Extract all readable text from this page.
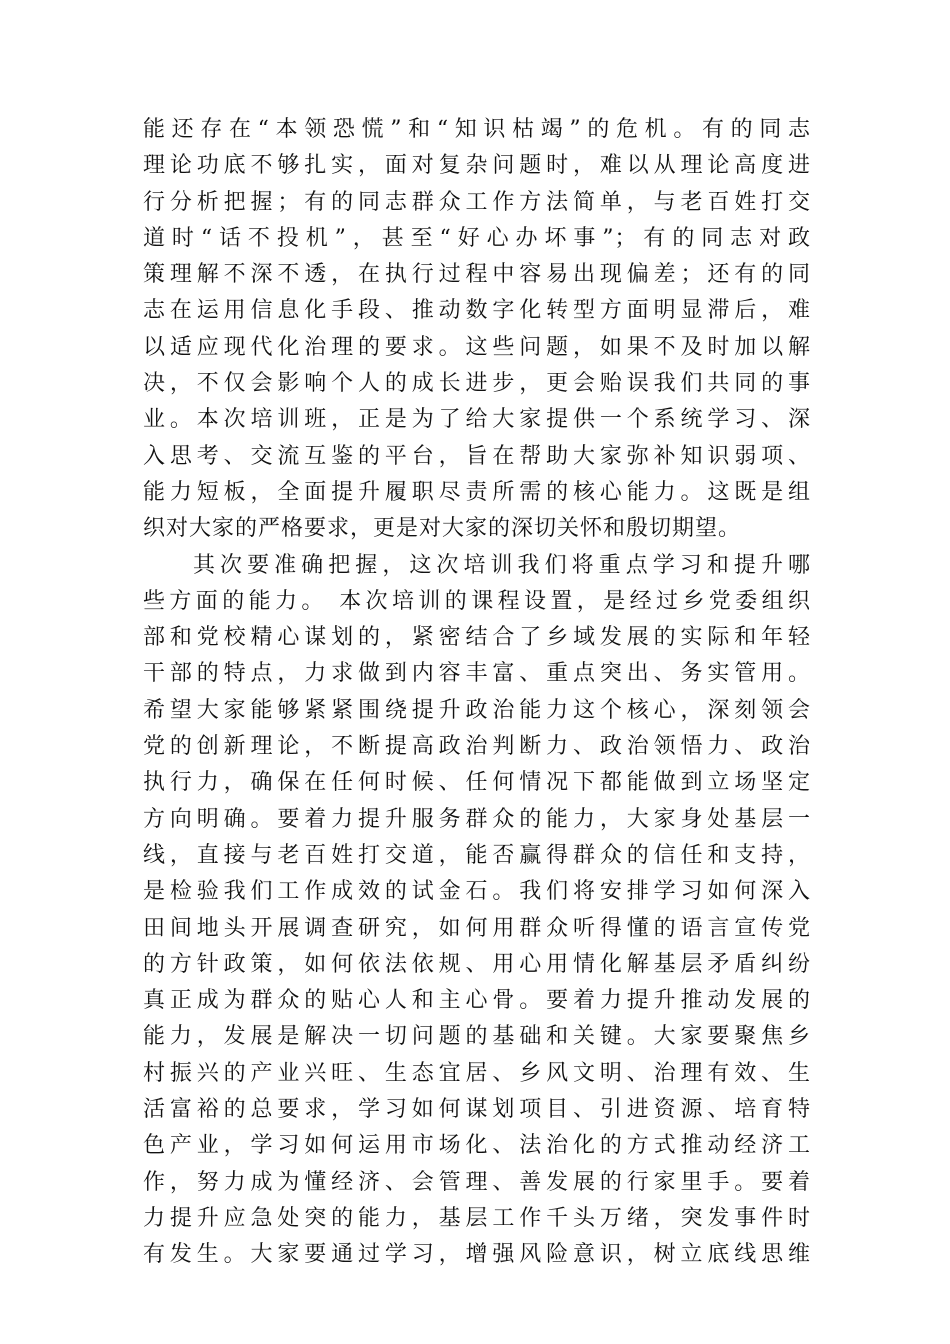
能还存在“本领恐慌”和“知识枯竭”的危机。有的同志
理论功底不够扎实，面对复杂问题时，难以从理论高度进
行分析把握；有的同志群众工作方法简单，与老百姓打交
道时“话不投机”，甚至“好心办坏事”；有的同志对政
策理解不深不透，在执行过程中容易出现偏差；还有的同
志在运用信息化手段、推动数字化转型方面明显滞后，难
以适应现代化治理的要求。这些问题，如果不及时加以解
决，不仅会影响个人的成长进步，更会贻误我们共同的事
业。本次培训班，正是为了给大家提供一个系统学习、深
入思考、交流互鉴的平台，旨在帮助大家弥补知识弱项、
能力短板，全面提升履职尽责所需的核心能力。这既是组
织对大家的严格要求，更是对大家的深切关怀和殷切期望。
其次要准确把握，这次培训我们将重点学习和提升哪
些方面的能力。 本次培训的课程设置，是经过乡党委组织
部和党校精心谋划的，紧密结合了乡域发展的实际和年轻
干部的特点，力求做到内容丰富、重点突出、务实管用。
希望大家能够紧紧围绕提升政治能力这个核心，深刻领会
党的创新理论，不断提高政治判断力、政治领悟力、政治
执行力，确保在任何时候、任何情况下都能做到立场坚定
方向明确。要着力提升服务群众的能力，大家身处基层一
线，直接与老百姓打交道，能否赢得群众的信任和支持，
是检验我们工作成效的试金石。我们将安排学习如何深入
田间地头开展调查研究，如何用群众听得懂的语言宣传党
的方针政策，如何依法依规、用心用情化解基层矛盾纠纷
真正成为群众的贴心人和主心骨。要着力提升推动发展的
能力，发展是解决一切问题的基础和关键。大家要聚焦乡
村振兴的产业兴旺、生态宜居、乡风文明、治理有效、生
活富裕的总要求，学习如何谋划项目、引进资源、培育特
色产业，学习如何运用市场化、法治化的方式推动经济工
作，努力成为懂经济、会管理、善发展的行家里手。要着
力提升应急处突的能力，基层工作千头万绪，突发事件时
有发生。大家要通过学习，增强风险意识，树立底线思维
